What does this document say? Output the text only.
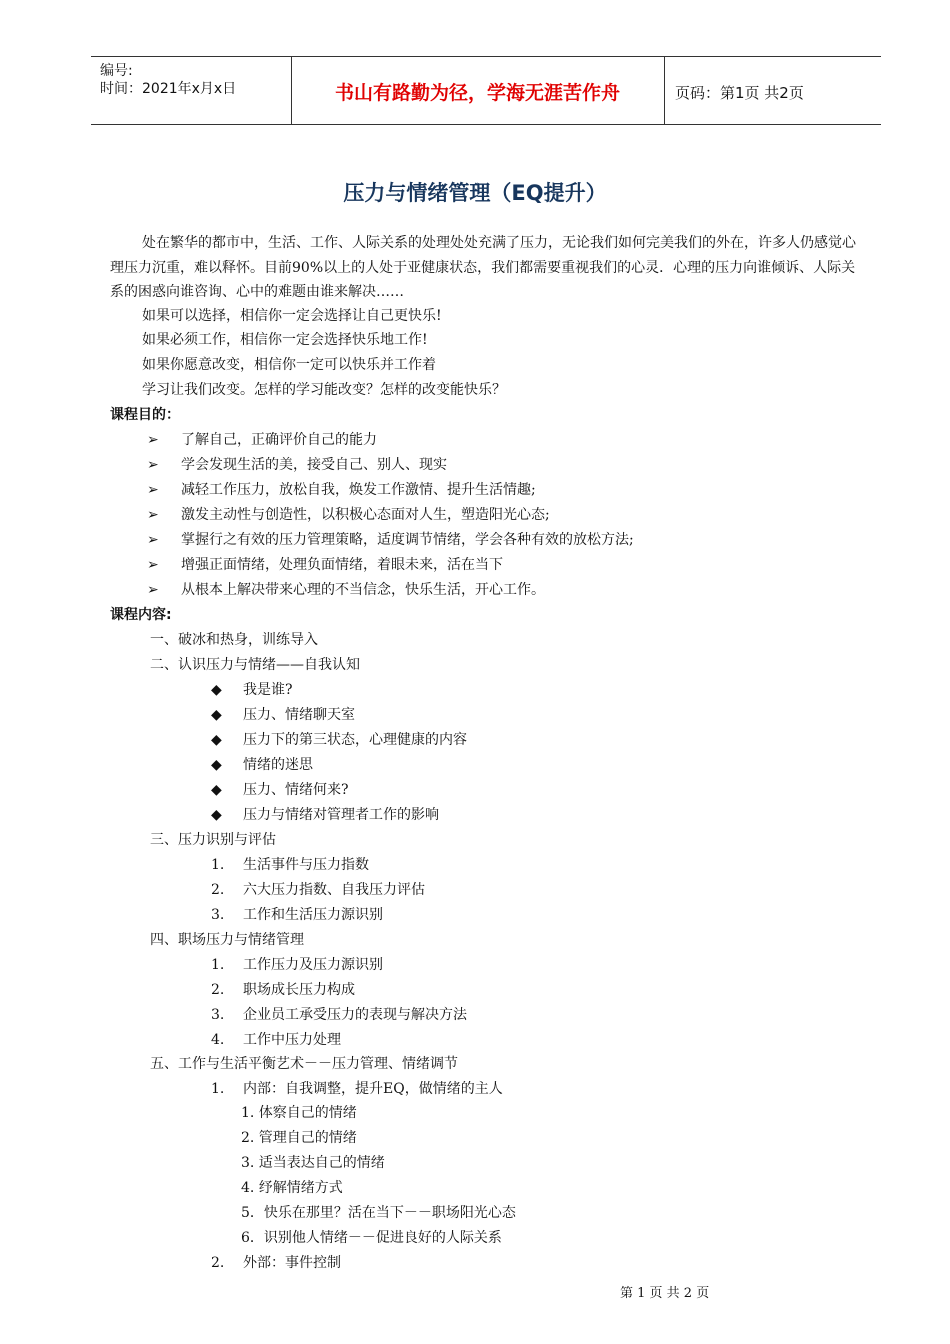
编号:
时间：2021年x月x日	书山有路勤为径，学海无涯苦作舟	页码：第1页 共2页
压力与情绪管理（EQ提升）

处在繁华的都市中，生活、工作、人际关系的处理处处充满了压力，无论我们如何完美我们的外在，许多人仍感觉心理压力沉重，难以释怀。目前90%以上的人处于亚健康状态，我们都需要重视我们的心灵．心理的压力向谁倾诉、人际关系的困惑向谁咨询、心中的难题由谁来解决……

如果可以选择，相信你一定会选择让自己更快乐!
如果必须工作，相信你一定会选择快乐地工作!
如果你愿意改变，相信你一定可以快乐并工作着
学习让我们改变。怎样的学习能改变？怎样的改变能快乐？
课程目的：
➢ 了解自己，正确评价自己的能力
➢ 学会发现生活的美，接受自己、别人、现实
➢ 减轻工作压力，放松自我，焕发工作激情、提升生活情趣;
➢ 激发主动性与创造性，以积极心态面对人生，塑造阳光心态;
➢ 掌握行之有效的压力管理策略，适度调节情绪，学会各种有效的放松方法;
➢ 增强正面情绪，处理负面情绪，着眼未来，活在当下
➢ 从根本上解决带来心理的不当信念，快乐生活，开心工作。
课程内容:
一、破冰和热身，训练导入
二、认识压力与情绪——自我认知
◆ 我是谁?
◆ 压力、情绪聊天室
◆ 压力下的第三状态，心理健康的内容
◆ 情绪的迷思
◆ 压力、情绪何来?
◆ 压力与情绪对管理者工作的影响
三、压力识别与评估
1. 生活事件与压力指数
2. 六大压力指数、自我压力评估
3. 工作和生活压力源识别
四、职场压力与情绪管理
1. 工作压力及压力源识别
2. 职场成长压力构成
3. 企业员工承受压力的表现与解决方法
4. 工作中压力处理
五、工作与生活平衡艺术－－压力管理、情绪调节
1. 内部：自我调整，提升EQ，做情绪的主人
1. 体察自己的情绪
2. 管理自己的情绪
3. 适当表达自己的情绪
4. 纾解情绪方式
5．快乐在那里？活在当下－－职场阳光心态
6．识别他人情绪－－促进良好的人际关系
2. 外部：事件控制
第 1 页 共 2 页
